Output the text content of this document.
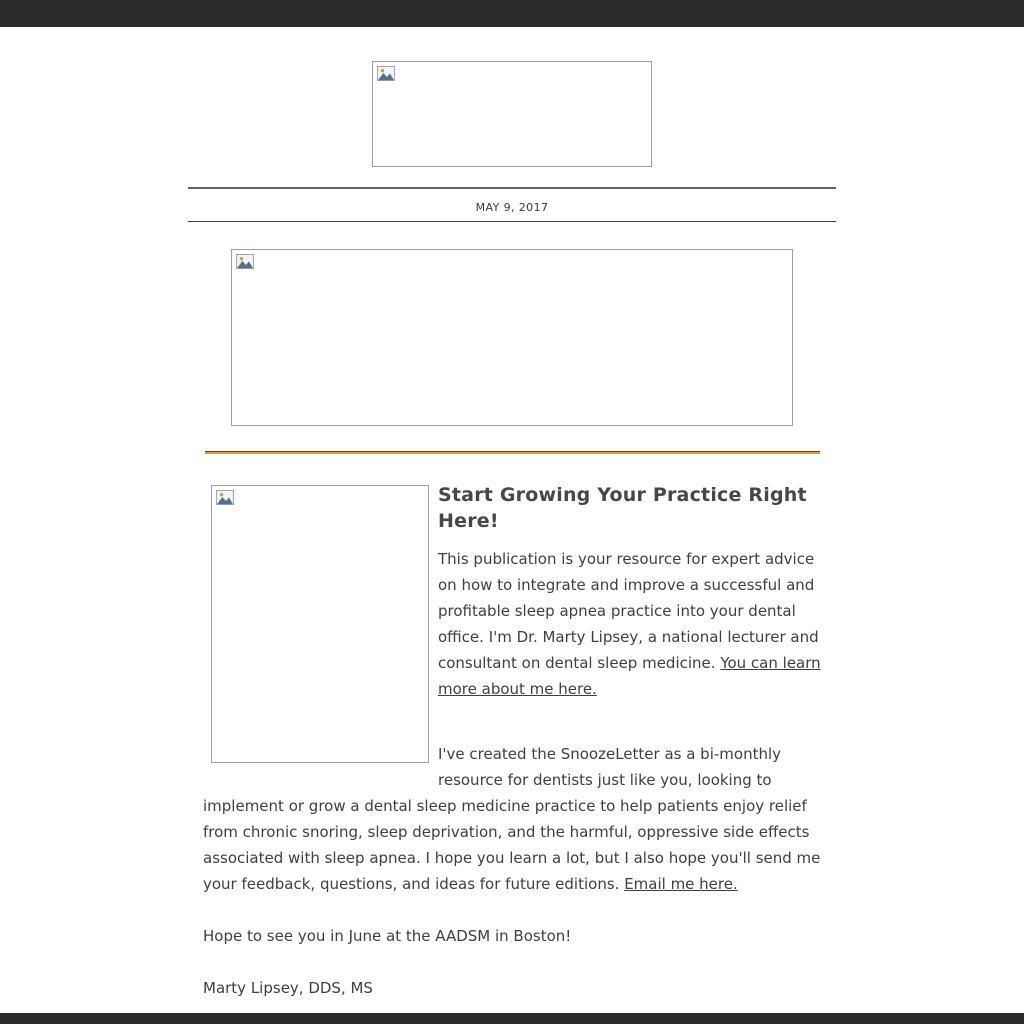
MAY 9, 2017
Start Growing Your Practice Right Here!

This publication is your resource for expert advice on how to integrate and improve a successful and profitable sleep apnea practice into your dental office. I'm Dr. Marty Lipsey, a national lecturer and consultant on dental sleep medicine. You can learn more about me here.

I've created the SnoozeLetter as a bi-monthly resource for dentists just like you, looking to implement or grow a dental sleep medicine practice to help patients enjoy relief from chronic snoring, sleep deprivation, and the harmful, oppressive side effects associated with sleep apnea. I hope you learn a lot, but I also hope you'll send me your feedback, questions, and ideas for future editions. Email me here.

Hope to see you in June at the AADSM in Boston!

Marty Lipsey, DDS, MS
